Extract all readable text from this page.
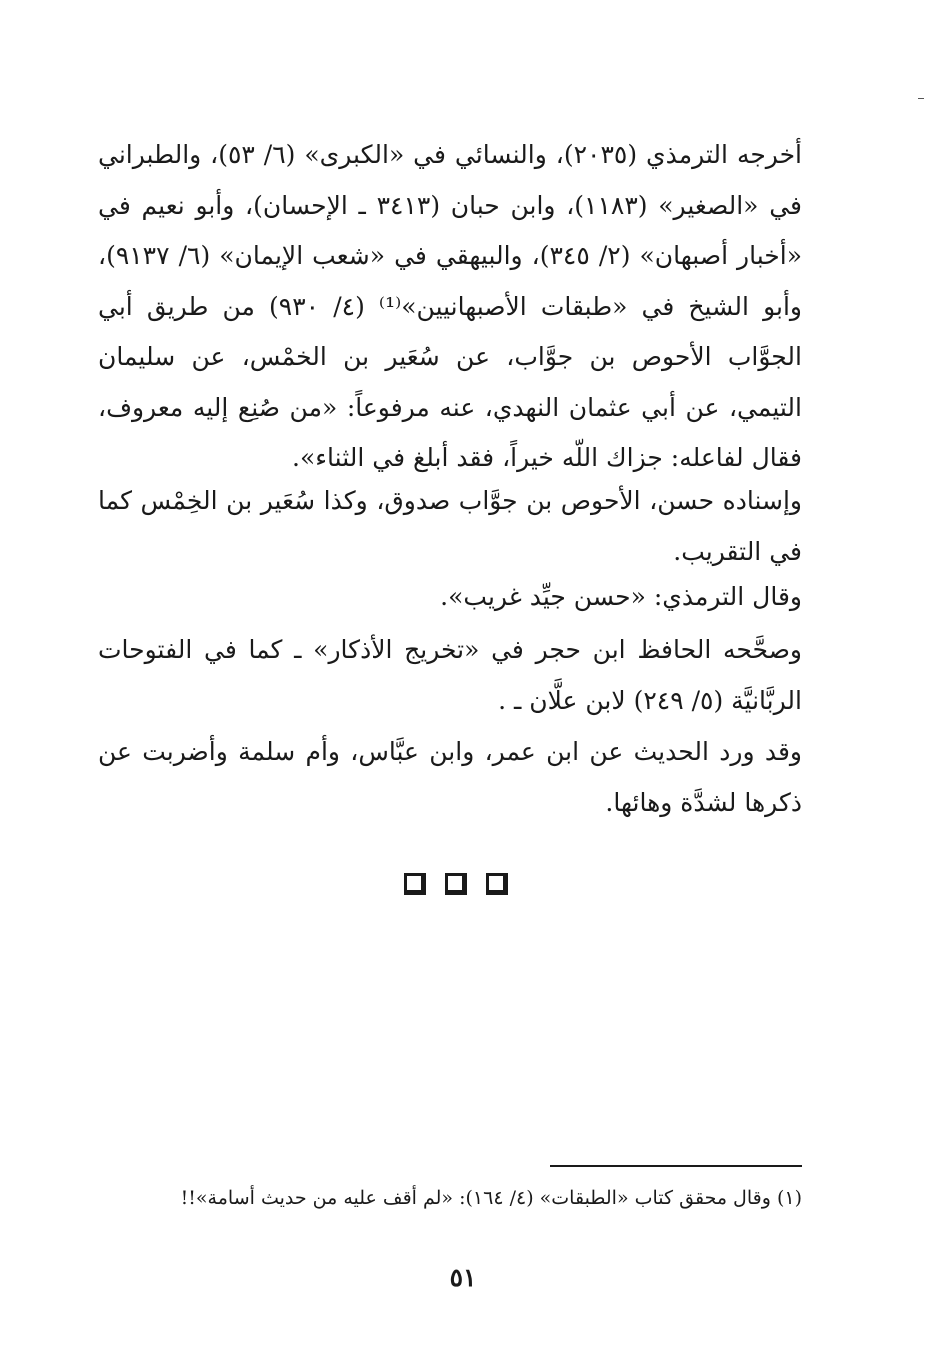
أخرجه الترمذي (٢٠٣٥)، والنسائي في «الكبرى» (٦/ ٥٣)، والطبراني في «الصغير» (١١٨٣)، وابن حبان (٣٤١٣ ـ الإحسان)، وأبو نعيم في «أخبار أصبهان» (٢/ ٣٤٥)، والبيهقي في «شعب الإيمان» (٦/ ٩١٣٧)، وأبو الشيخ في «طبقات الأصبهانيين»⁽¹⁾ (٤/ ٩٣٠) من طريق أبي الجوَّاب الأحوص بن جوَّاب، عن سُعَير بن الخمْس، عن سليمان التيمي، عن أبي عثمان النهدي، عنه مرفوعاً: «من صُنِع إليه معروف، فقال لفاعله: جزاك اللّه خيراً، فقد أبلغ في الثناء».

وإسناده حسن، الأحوص بن جوَّاب صدوق، وكذا سُعَير بن الخِمْس كما في التقريب.

وقال الترمذي: «حسن جيِّد غريب».

وصحَّحه الحافظ ابن حجر في «تخريج الأذكار» ـ كما في الفتوحات الربَّانيَّة (٥/ ٢٤٩) لابن علَّان ـ .

وقد ورد الحديث عن ابن عمر، وابن عبَّاس، وأم سلمة وأضربت عن ذكرها لشدَّة وهائها.

(١) وقال محقق كتاب «الطبقات» (٤/ ١٦٤): «لم أقف عليه من حديث أسامة»!!

٥١
